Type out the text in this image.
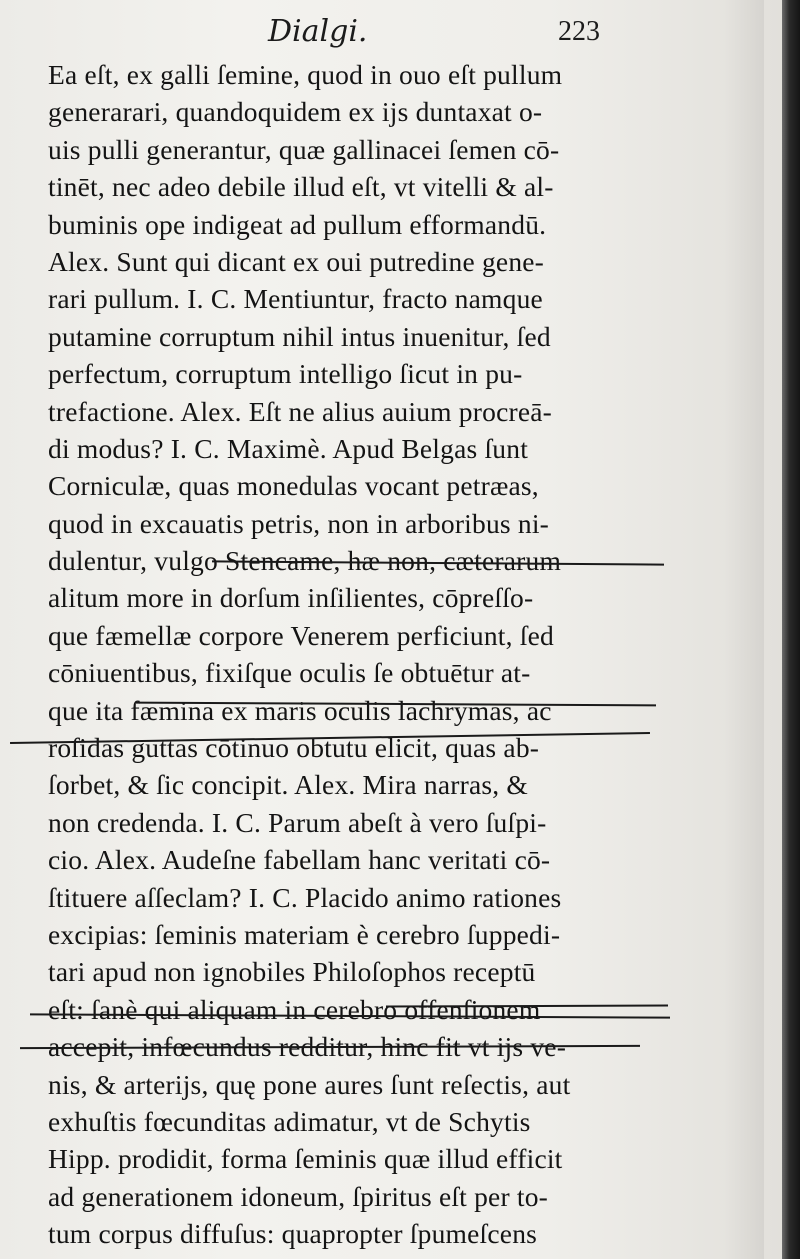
Dialgi.	223
Ea eſt, ex galli ſemine, quod in ouo eſt pullum
generarari, quandoquidem ex ijs duntaxat o-
uis pulli generantur, quæ gallinacei ſemen cō-
tinēt, nec adeo debile illud eſt, vt vitelli & al-
buminis ope indigeat ad pullum efformandū.
Alex. Sunt qui dicant ex oui putredine gene-
rari pullum. I. C. Mentiuntur, fracto namque
putamine corruptum nihil intus inuenitur, ſed
perfectum, corruptum intelligo ſicut in pu-
trefactione. Alex. Eſt ne alius auium procreā-
di modus? I. C. Maximè. Apud Belgas ſunt
Corniculæ, quas monedulas vocant petræas,
quod in excauatis petris, non in arboribus ni-
dulentur, vulgo Stencame, hæ non, cæterarum
alitum more in dorſum inſilientes, cōpreſſo-
que fæmellæ corpore Venerem perficiunt, ſed
cōniuentibus, fixiſque oculis ſe obtuētur at-
que ita fæmina ex maris oculis lachrymas, ac
roſidas guttas cōtinuo obtutu elicit, quas ab-
ſorbet, & ſic concipit. Alex. Mira narras, &
non credenda. I. C. Parum abeſt à vero ſuſpi-
cio. Alex. Audeſne fabellam hanc veritati cō-
ſtituere aſſeclam? I. C. Placido animo rationes
excipias: ſeminis materiam è cerebro ſuppedi-
tari apud non ignobiles Philoſophos receptū
eſt: ſanè qui aliquam in cerebro offenſionem
accepit, infœcundus redditur, hinc fit vt ijs ve-
nis, & arterijs, quę pone aures ſunt reſectis, aut
exhuſtis fœcunditas adimatur, vt de Schytis
Hipp. prodidit, forma ſeminis quæ illud efficit
ad generationem idoneum, ſpiritus eſt per to-
tum corpus diffuſus: quapropter ſpumeſcens
